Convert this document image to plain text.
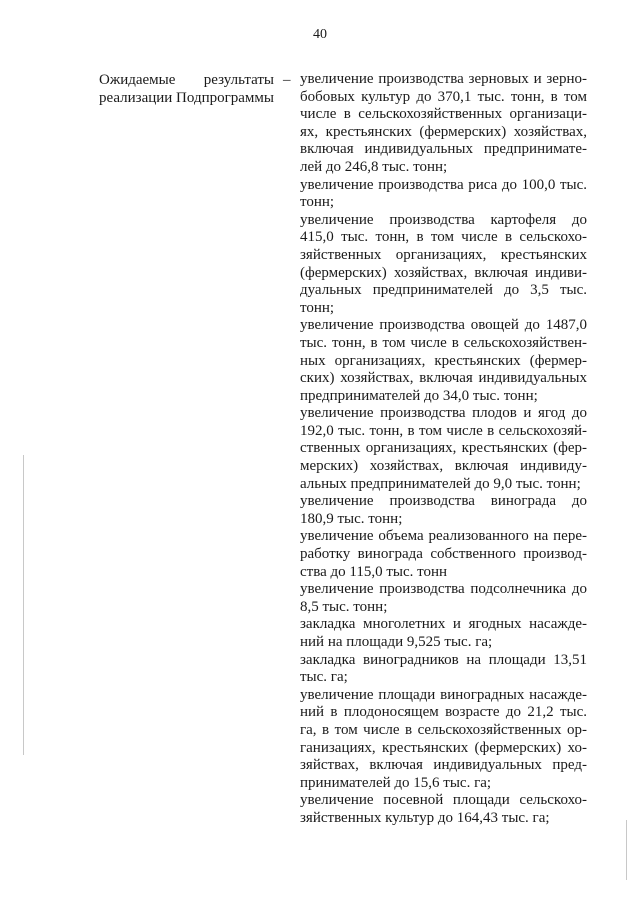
40
Ожидаемые результаты
реализации Подпрограммы
– увеличение производства зерновых и зерно-бобовых культур до 370,1 тыс. тонн, в том числе в сельскохозяйственных организаци-ях, крестьянских (фермерских) хозяйствах, включая индивидуальных предпринимате-лей до 246,8 тыс. тонн;

увеличение производства риса до 100,0 тыс. тонн;

увеличение производства картофеля до 415,0 тыс. тонн, в том числе в сельскохо-зяйственных организациях, крестьянских (фермерских) хозяйствах, включая индиви-дуальных предпринимателей до 3,5 тыс. тонн;

увеличение производства овощей до 1487,0 тыс. тонн, в том числе в сельскохозяйствен-ных организациях, крестьянских (фермер-ских) хозяйствах, включая индивидуальных предпринимателей до 34,0 тыс. тонн;

увеличение производства плодов и ягод до 192,0 тыс. тонн, в том числе в сельскохозяй-ственных организациях, крестьянских (фер-мерских) хозяйствах, включая индивиду-альных предпринимателей до 9,0 тыс. тонн;

увеличение производства винограда до 180,9 тыс. тонн;

увеличение объема реализованного на пере-работку винограда собственного производ-ства до 115,0 тыс. тонн

увеличение производства подсолнечника до 8,5 тыс. тонн;

закладка многолетних и ягодных насажде-ний на площади 9,525 тыс. га;

закладка виноградников на площади 13,51 тыс. га;

увеличение площади виноградных насажде-ний в плодоносящем возрасте до 21,2 тыс. га, в том числе в сельскохозяйственных ор-ганизациях, крестьянских (фермерских) хо-зяйствах, включая индивидуальных пред-принимателей до 15,6 тыс. га;

увеличение посевной площади сельскохо-зяйственных культур до 164,43 тыс. га;
